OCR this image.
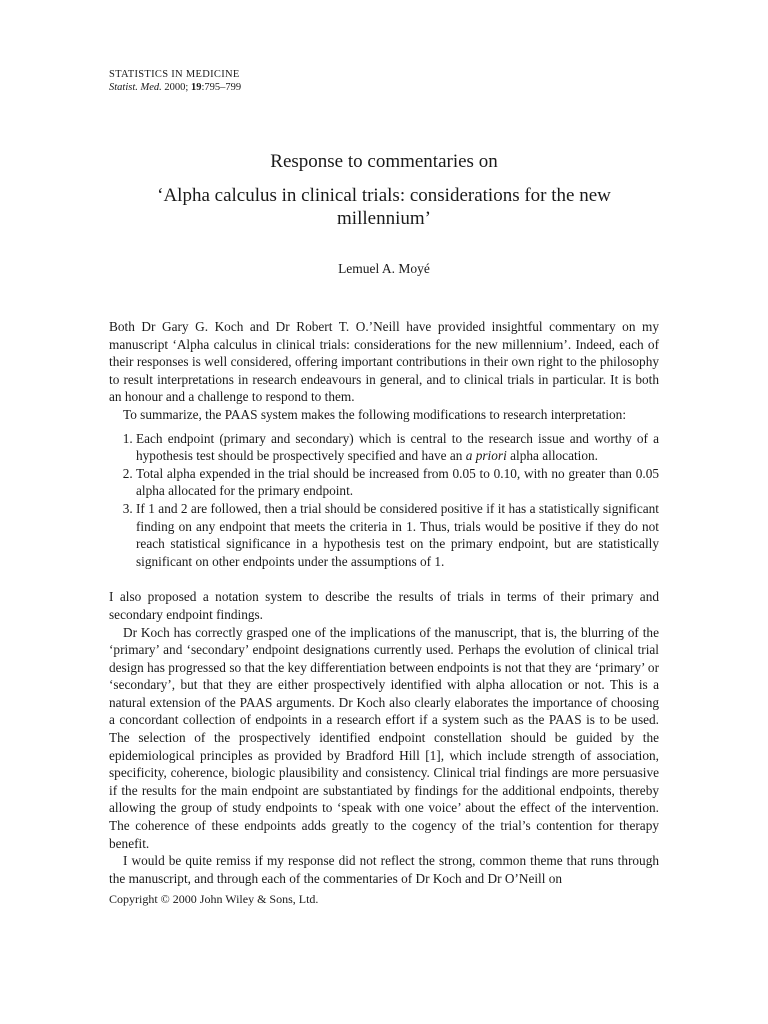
STATISTICS IN MEDICINE
Statist. Med. 2000; 19:795–799
Response to commentaries on
‘Alpha calculus in clinical trials: considerations for the new millennium’
Lemuel A. Moyé

Both Dr Gary G. Koch and Dr Robert T. O.’Neill have provided insightful commentary on my manuscript ‘Alpha calculus in clinical trials: considerations for the new millennium’. Indeed, each of their responses is well considered, offering important contributions in their own right to the philosophy to result interpretations in research endeavours in general, and to clinical trials in particular. It is both an honour and a challenge to respond to them.

To summarize, the PAAS system makes the following modifications to research interpretation:

1. Each endpoint (primary and secondary) which is central to the research issue and worthy of a hypothesis test should be prospectively specified and have an a priori alpha allocation.
2. Total alpha expended in the trial should be increased from 0.05 to 0.10, with no greater than 0.05 alpha allocated for the primary endpoint.
3. If 1 and 2 are followed, then a trial should be considered positive if it has a statistically significant finding on any endpoint that meets the criteria in 1. Thus, trials would be positive if they do not reach statistical significance in a hypothesis test on the primary endpoint, but are statistically significant on other endpoints under the assumptions of 1.

I also proposed a notation system to describe the results of trials in terms of their primary and secondary endpoint findings.

Dr Koch has correctly grasped one of the implications of the manuscript, that is, the blurring of the ‘primary’ and ‘secondary’ endpoint designations currently used. Perhaps the evolution of clinical trial design has progressed so that the key differentiation between endpoints is not that they are ‘primary’ or ‘secondary’, but that they are either prospectively identified with alpha allocation or not. This is a natural extension of the PAAS arguments. Dr Koch also clearly elaborates the importance of choosing a concordant collection of endpoints in a research effort if a system such as the PAAS is to be used. The selection of the prospectively identified endpoint constellation should be guided by the epidemiological principles as provided by Bradford Hill [1], which include strength of association, specificity, coherence, biologic plausibility and consistency. Clinical trial findings are more persuasive if the results for the main endpoint are substantiated by findings for the additional endpoints, thereby allowing the group of study endpoints to ‘speak with one voice’ about the effect of the intervention. The coherence of these endpoints adds greatly to the cogency of the trial’s contention for therapy benefit.

I would be quite remiss if my response did not reflect the strong, common theme that runs through the manuscript, and through each of the commentaries of Dr Koch and Dr O’Neill on

Copyright © 2000 John Wiley & Sons, Ltd.
